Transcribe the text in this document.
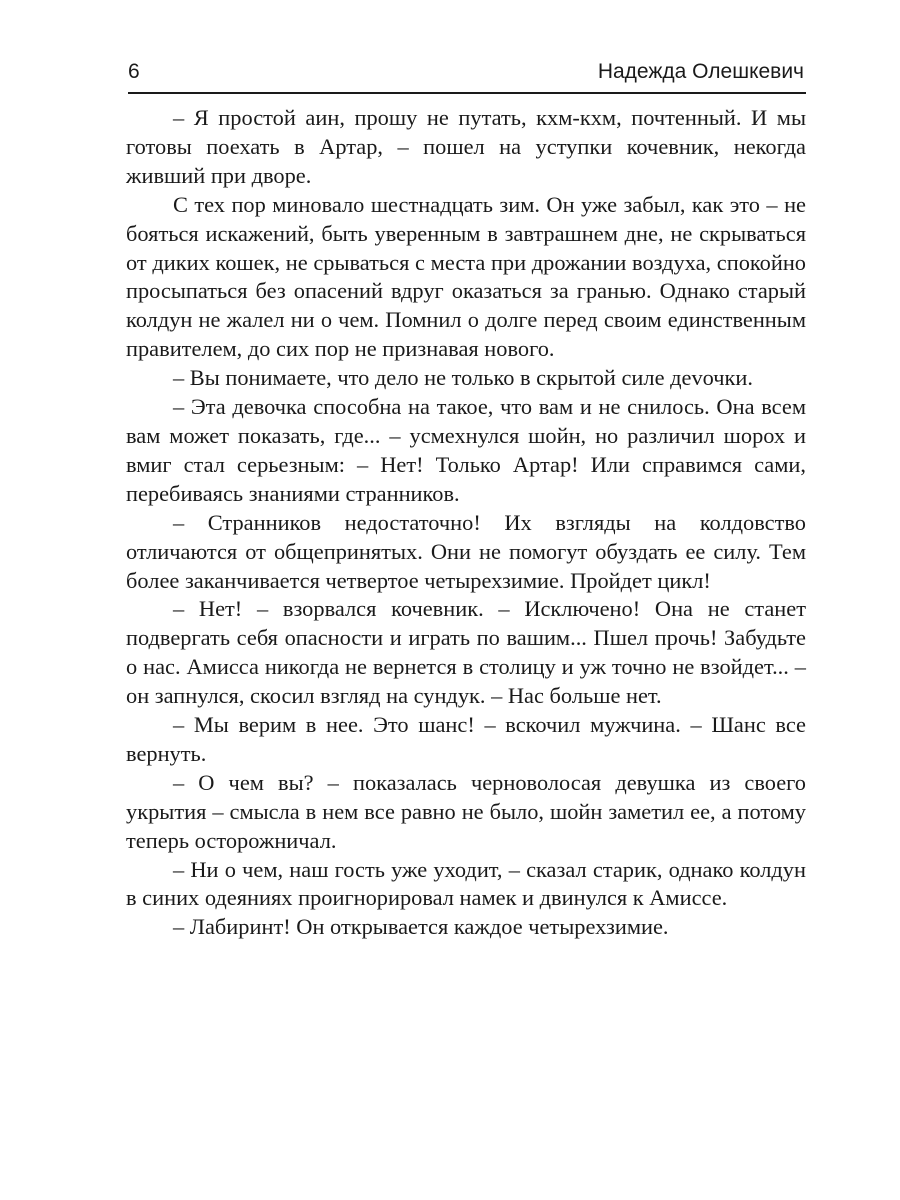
6	Надежда Олешкевич

– Я простой аин, прошу не путать, кхм-кхм, почтенный. И мы готовы поехать в Артар, – пошел на уступки кочевник, некогда живший при дворе.

С тех пор миновало шестнадцать зим. Он уже забыл, как это – не бояться искажений, быть уверенным в завтрашнем дне, не скрываться от диких кошек, не срываться с места при дрожании воздуха, спокойно просыпаться без опасений вдруг оказаться за гранью. Однако старый колдун не жалел ни о чем. Помнил о долге перед своим единственным правителем, до сих пор не признавая нового.

– Вы понимаете, что дело не только в скрытой силе деvочки.

– Эта девочка способна на такое, что вам и не снилось. Она всем вам может показать, где... – усмехнулся шойн, но различил шорох и вмиг стал серьезным: – Нет! Только Артар! Или справимся сами, перебиваясь знаниями странников.

– Странников недостаточно! Их взгляды на колдовство отличаются от общепринятых. Они не помогут обуздать ее силу. Тем более заканчивается четвертое четырехзимие. Пройдет цикл!

– Нет! – взорвался кочевник. – Исключено! Она не станет подвергать себя опасности и играть по вашим... Пшел прочь! Забудьте о нас. Амисса никогда не вернется в столицу и уж точно не взойдет... – он запнулся, скосил взгляд на сундук. – Нас больше нет.

– Мы верим в нее. Это шанс! – вскочил мужчина. – Шанс все вернуть.

– О чем вы? – показалась черноволосая девушка из своего укрытия – смысла в нем все равно не было, шойн заметил ее, а потому теперь осторожничал.

– Ни о чем, наш гость уже уходит, – сказал старик, однако колдун в синих одеяниях проигнорировал намек и двинулся к Амиссе.

– Лабиринт! Он открывается каждое четырехзимие.
